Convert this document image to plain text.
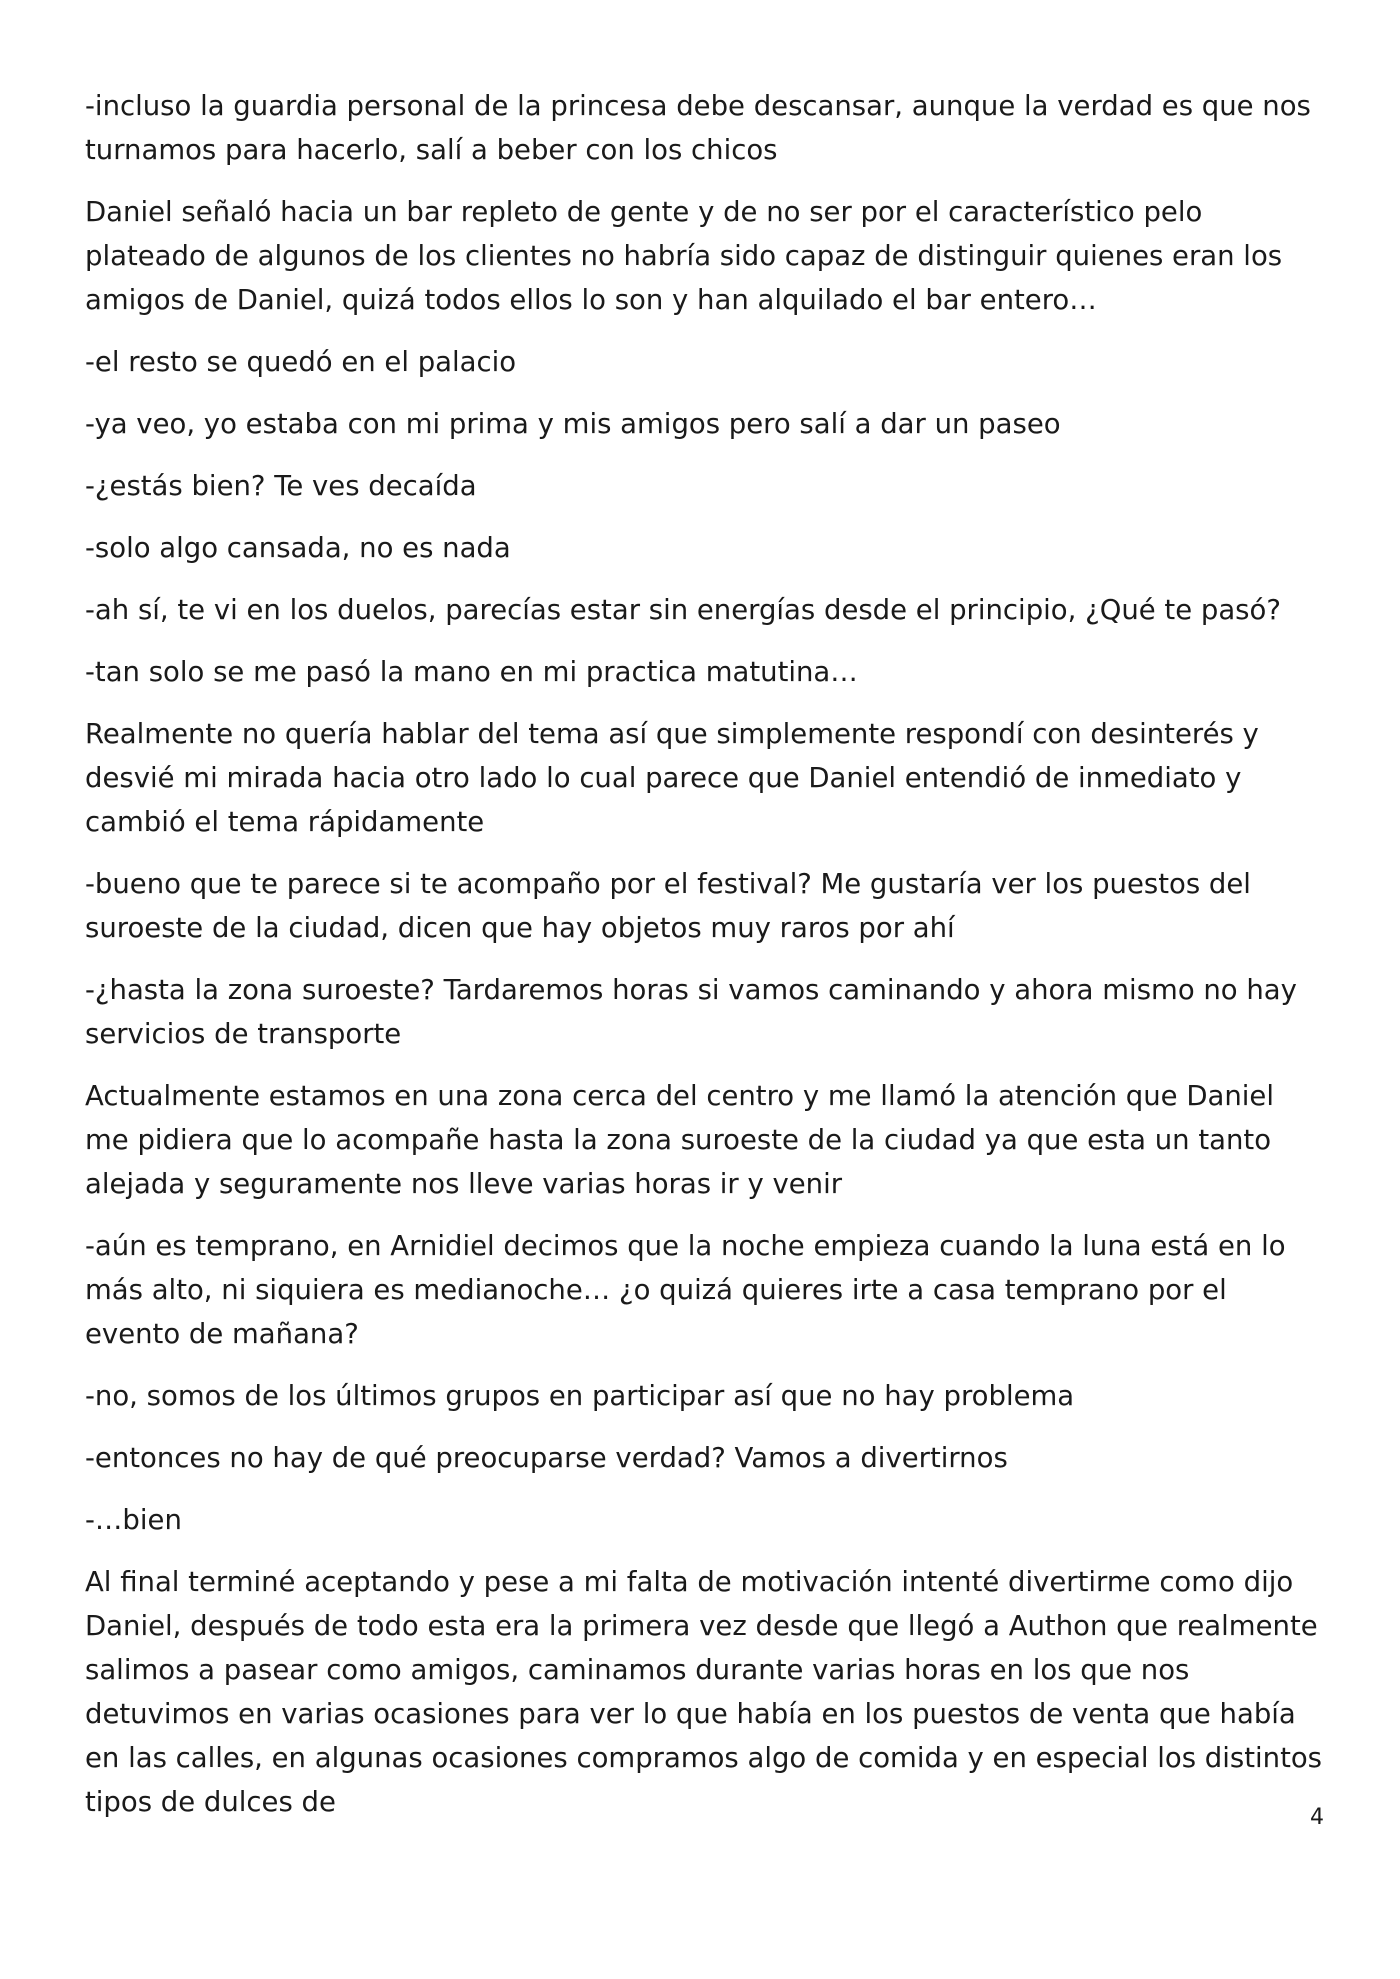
-incluso la guardia personal de la princesa debe descansar, aunque la verdad es que nos turnamos para hacerlo, salí a beber con los chicos

Daniel señaló hacia un bar repleto de gente y de no ser por el característico pelo plateado de algunos de los clientes no habría sido capaz de distinguir quienes eran los amigos de Daniel, quizá todos ellos lo son y han alquilado el bar entero…

-el resto se quedó en el palacio

-ya veo, yo estaba con mi prima y mis amigos pero salí a dar un paseo

-¿estás bien? Te ves decaída

-solo algo cansada, no es nada

-ah sí, te vi en los duelos, parecías estar sin energías desde el principio, ¿Qué te pasó?

-tan solo se me pasó la mano en mi practica matutina…

Realmente no quería hablar del tema así que simplemente respondí con desinterés y desvié mi mirada hacia otro lado lo cual parece que Daniel entendió de inmediato y cambió el tema rápidamente

-bueno que te parece si te acompaño por el festival? Me gustaría ver los puestos del suroeste de la ciudad, dicen que hay objetos muy raros por ahí

-¿hasta la zona suroeste? Tardaremos horas si vamos caminando y ahora mismo no hay servicios de transporte

Actualmente estamos en una zona cerca del centro y me llamó la atención que Daniel me pidiera que lo acompañe hasta la zona suroeste de la ciudad ya que esta un tanto alejada y seguramente nos lleve varias horas ir y venir

-aún es temprano, en Arnidiel decimos que la noche empieza cuando la luna está en lo más alto, ni siquiera es medianoche… ¿o quizá quieres irte a casa temprano por el evento de mañana?

-no, somos de los últimos grupos en participar así que no hay problema

-entonces no hay de qué preocuparse verdad? Vamos a divertirnos

-…bien

Al final terminé aceptando y pese a mi falta de motivación intenté divertirme como dijo Daniel, después de todo esta era la primera vez desde que llegó a Authon que realmente salimos a pasear como amigos, caminamos durante varias horas en los que nos detuvimos en varias ocasiones para ver lo que había en los puestos de venta que había en las calles, en algunas ocasiones compramos algo de comida y en especial los distintos tipos de dulces de	4
